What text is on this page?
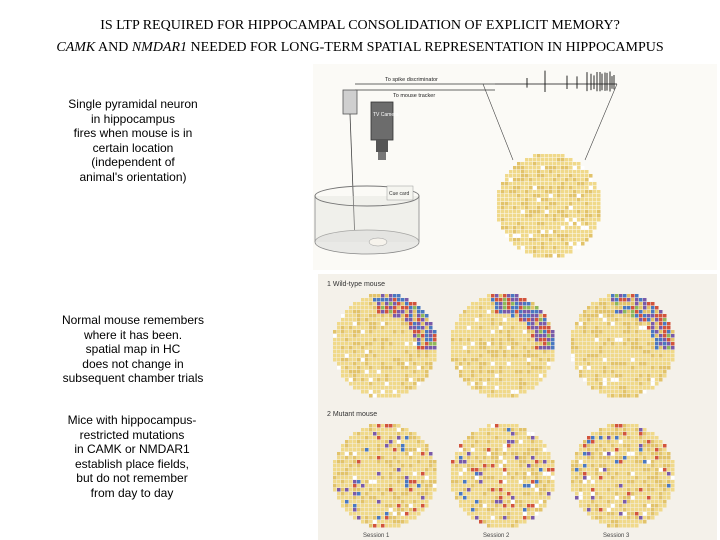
IS LTP REQUIRED FOR HIPPOCAMPAL CONSOLIDATION OF EXPLICIT MEMORY?
CAMK AND NMDAR1 NEEDED FOR LONG-TERM SPATIAL REPRESENTATION IN HIPPOCAMPUS
Single pyramidal neuron
in hippocampus
fires when mouse is in
certain location
(independent of
animal's orientation)
Normal mouse remembers
where it has been.
spatial map in HC
does not change in
subsequent chamber trials
Mice with hippocampus-
restricted mutations
in CAMK or NMDAR1
establish place fields,
but do not remember
from day to day
To spike discriminator
To mouse tracker
TV Camera
Cue card
1 Wild-type mouse
2 Mutant mouse
Session 1	Session 2	Session 3
